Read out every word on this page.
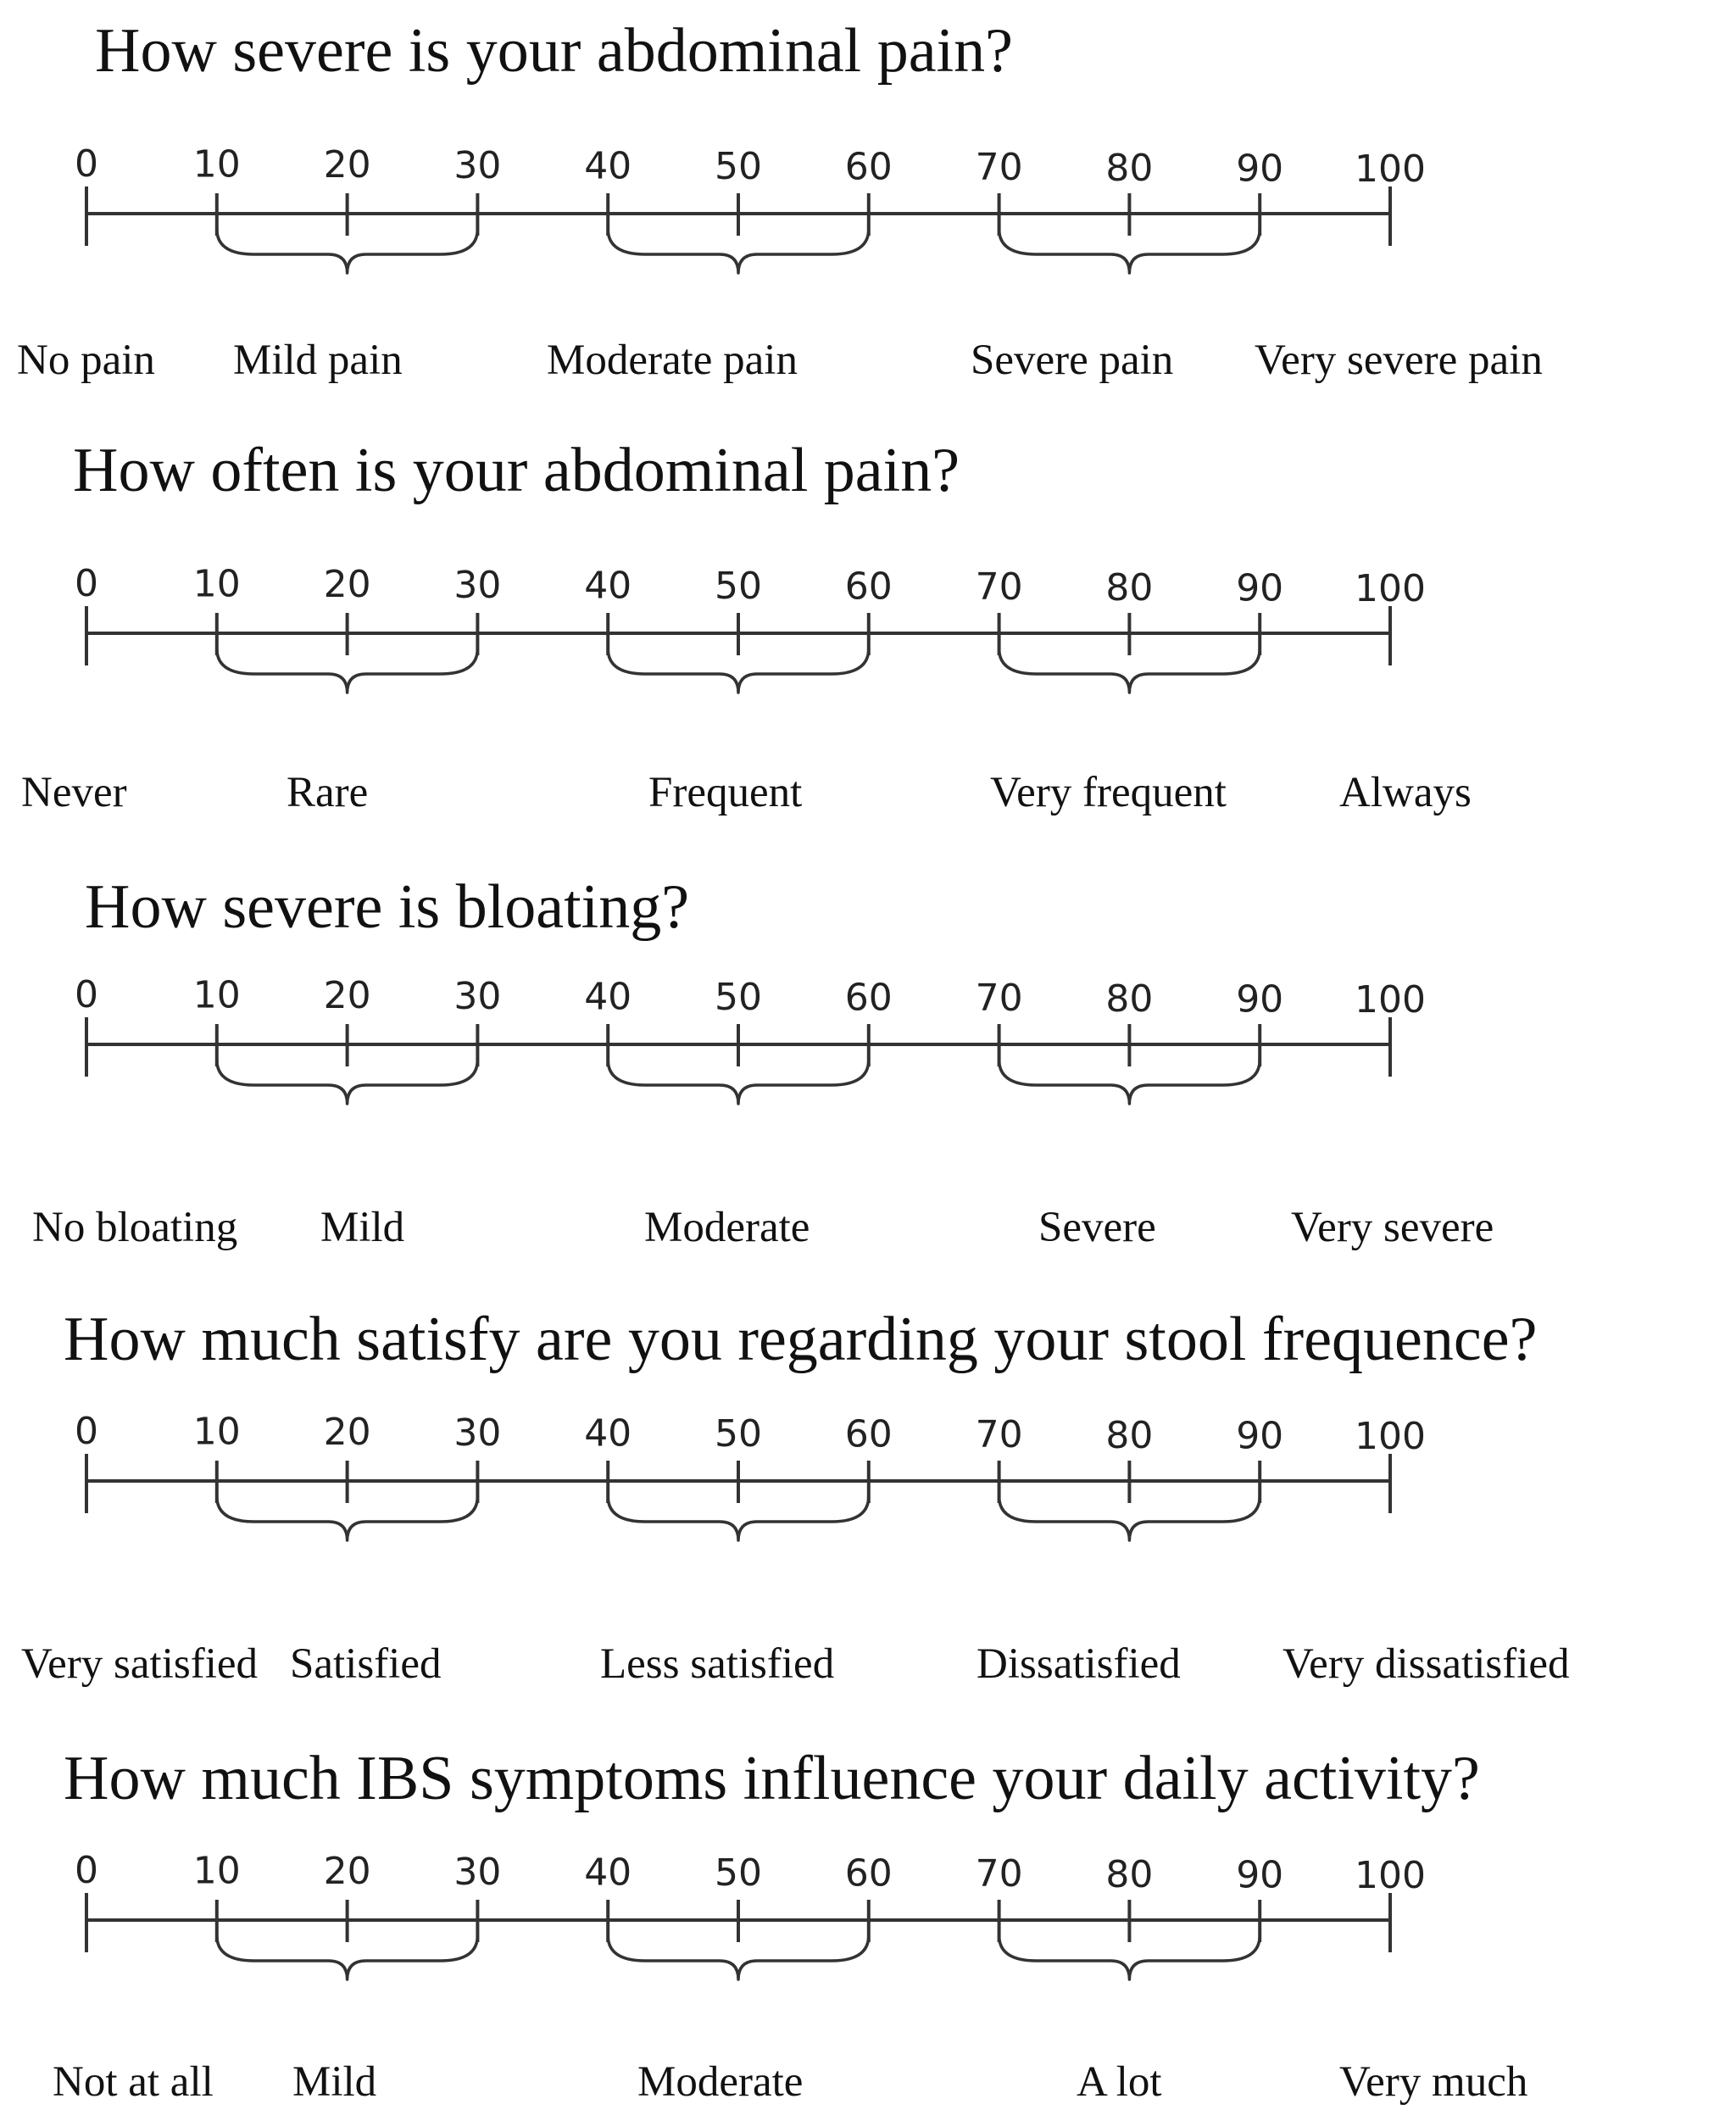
How severe is your abdominal pain?
0	10 20 30 40 50 60 70 80 90 100
No pain Mild pain	Moderate pain	Severe pain Very severe pain
How often is your abdominal pain?
0	10 20 30 40 50 60 70 80 90 100
Never	Rare	Frequent	Very frequent	Always
How severe is bloating?
0	10 20 30 40 50 60 70 80 90 100
No bloating Mild	Moderate	Severe	Very severe
How much satisfy are you regarding your stool frequence?
0	10 20 30 40 50 60 70 80 90 100
Very satisfied Satisfied	Less satisfied	Dissatisfied Very dissatisfied
How much IBS symptoms influence your daily activity?
0	10 20 30 40 50 60 70 80 90 100
Not at all Mild	Moderate	A lot	Very much
